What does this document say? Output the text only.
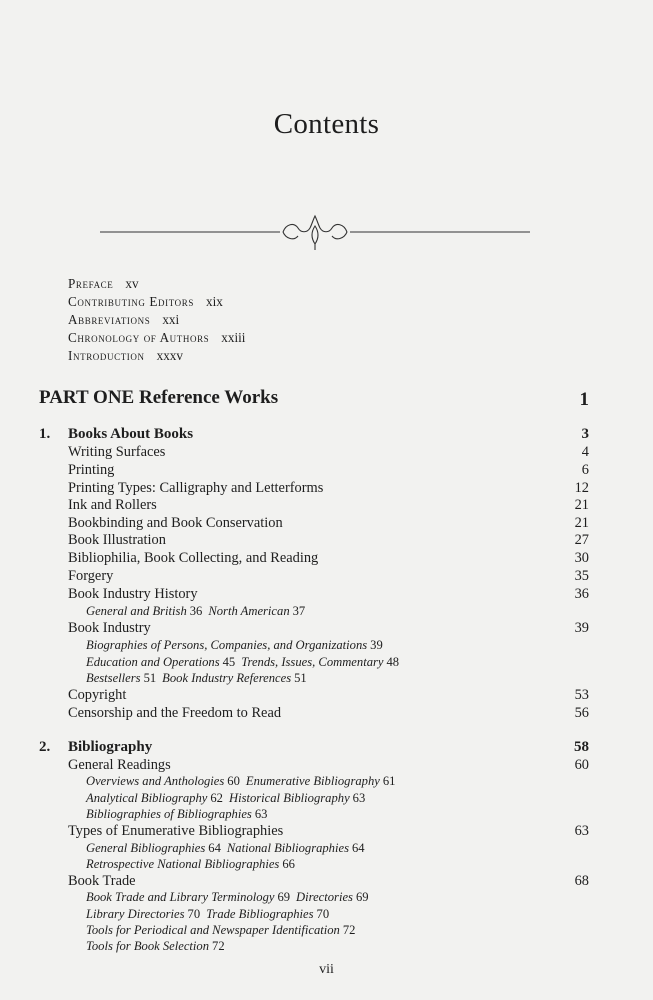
Contents
Preface xv
Contributing Editors xix
Abbreviations xxi
Chronology of Authors xxiii
Introduction xxxv
PART ONE Reference Works	1
1. Books About Books	3
Writing Surfaces	4
Printing	6
Printing Types: Calligraphy and Letterforms	12
Ink and Rollers	21
Bookbinding and Book Conservation	21
Book Illustration	27
Bibliophilia, Book Collecting, and Reading	30
Forgery	35
Book Industry History	36
General and British 36 North American 37
Book Industry	39
Biographies of Persons, Companies, and Organizations 39
Education and Operations 45 Trends, Issues, Commentary 48
Bestsellers 51 Book Industry References 51
Copyright	53
Censorship and the Freedom to Read	56
2. Bibliography	58
General Readings	60
Overviews and Anthologies 60 Enumerative Bibliography 61
Analytical Bibliography 62 Historical Bibliography 63
Bibliographies of Bibliographies 63
Types of Enumerative Bibliographies	63
General Bibliographies 64 National Bibliographies 64
Retrospective National Bibliographies 66
Book Trade	68
Book Trade and Library Terminology 69 Directories 69
Library Directories 70 Trade Bibliographies 70
Tools for Periodical and Newspaper Identification 72
Tools for Book Selection 72
vii
